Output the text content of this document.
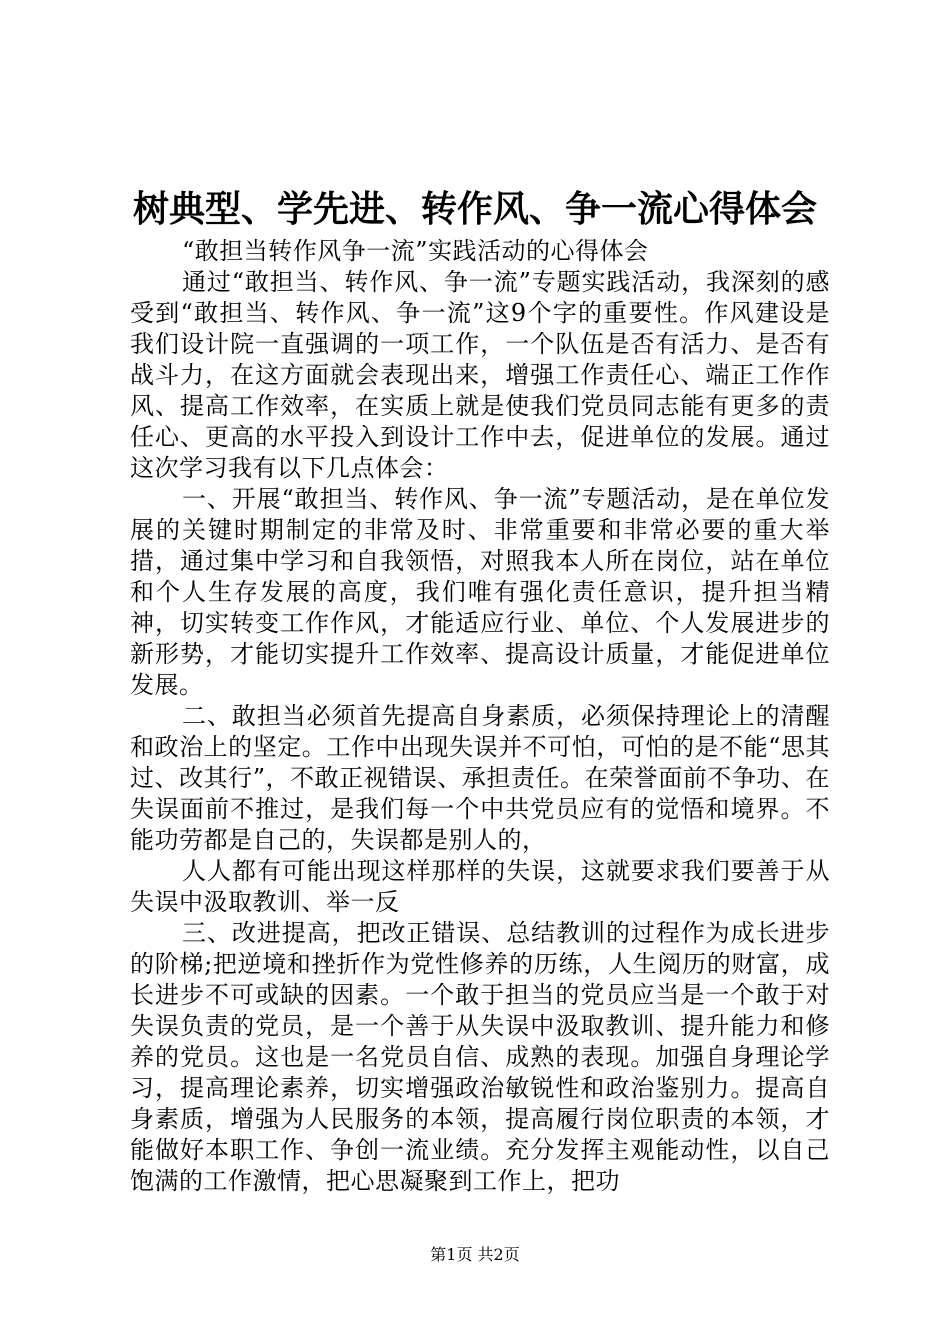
树典型、学先进、转作风、争一流心得体会

“敢担当转作风争一流”实践活动的心得体会

通过“敢担当、转作风、争一流”专题实践活动，我深刻的感受到“敢担当、转作风、争一流”这9个字的重要性。作风建设是我们设计院一直强调的一项工作，一个队伍是否有活力、是否有战斗力，在这方面就会表现出来，增强工作责任心、端正工作作风、提高工作效率，在实质上就是使我们党员同志能有更多的责任心、更高的水平投入到设计工作中去，促进单位的发展。通过这次学习我有以下几点体会：

一、开展“敢担当、转作风、争一流”专题活动，是在单位发展的关键时期制定的非常及时、非常重要和非常必要的重大举措，通过集中学习和自我领悟，对照我本人所在岗位，站在单位和个人生存发展的高度，我们唯有强化责任意识，提升担当精神，切实转变工作作风，才能适应行业、单位、个人发展进步的新形势，才能切实提升工作效率、提高设计质量，才能促进单位发展。

二、敢担当必须首先提高自身素质，必须保持理论上的清醒和政治上的坚定。工作中出现失误并不可怕，可怕的是不能“思其过、改其行”，不敢正视错误、承担责任。在荣誉面前不争功、在失误面前不推过，是我们每一个中共党员应有的觉悟和境界。不能功劳都是自己的，失误都是别人的，

人人都有可能出现这样那样的失误，这就要求我们要善于从失误中汲取教训、举一反

三、改进提高，把改正错误、总结教训的过程作为成长进步的阶梯;把逆境和挫折作为党性修养的历练，人生阅历的财富，成长进步不可或缺的因素。一个敢于担当的党员应当是一个敢于对失误负责的党员，是一个善于从失误中汲取教训、提升能力和修养的党员。这也是一名党员自信、成熟的表现。加强自身理论学习，提高理论素养，切实增强政治敏锐性和政治鉴别力。提高自身素质，增强为人民服务的本领，提高履行岗位职责的本领，才能做好本职工作、争创一流业绩。充分发挥主观能动性，以自己饱满的工作激情，把心思凝聚到工作上，把功

第1页 共2页
